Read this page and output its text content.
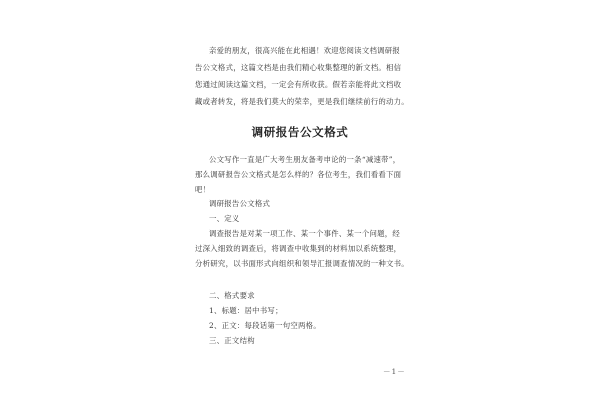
亲爱的朋友，很高兴能在此相遇！欢迎您阅读文档调研报
告公文格式，这篇文档是由我们精心收集整理的新文档。相信
您通过阅读这篇文档，一定会有所收获。假若亲能将此文档收
藏或者转发，将是我们莫大的荣幸，更是我们继续前行的动力。
调研报告公文格式
公文写作一直是广大考生朋友备考申论的一条“减速带”，
那么调研报告公文格式是怎么样的？各位考生，我们看看下面
吧！
调研报告公文格式
一、定义
调查报告是对某一项工作、某一个事件、某一个问题，经
过深入细致的调查后，将调查中收集到的材料加以系统整理，
分析研究，以书面形式向组织和领导汇报调查情况的一种文书。
二、格式要求
1、标题：居中书写；
2、正文：每段话第一句空两格。
三、正文结构
－1－
